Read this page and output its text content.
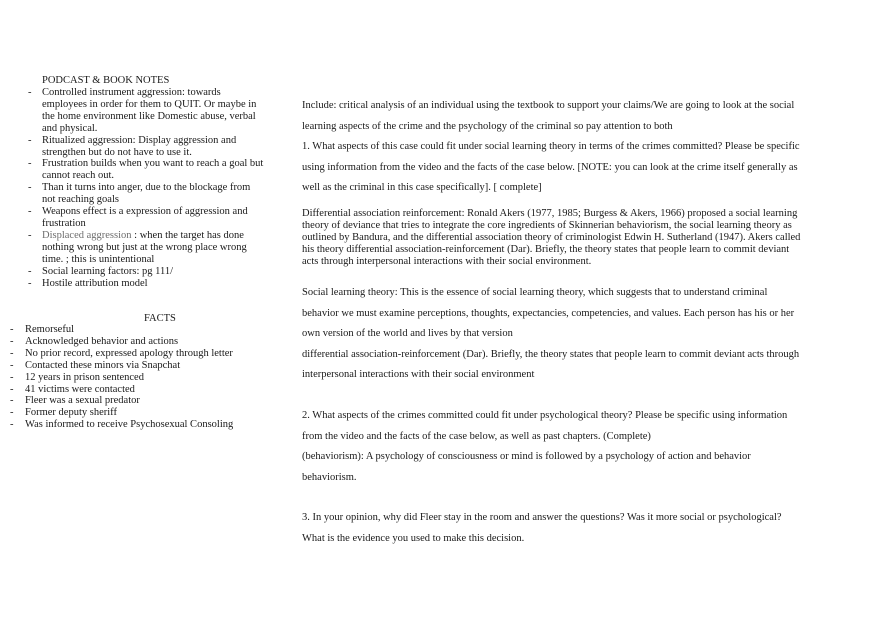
PODCAST & BOOK NOTES

- Controlled instrument aggression: towards employees in order for them to QUIT. Or maybe in the home environment like Domestic abuse, verbal and physical.
- Ritualized aggression: Display aggression and strengthen but do not have to use it.
- Frustration builds when you want to reach a goal but cannot reach out.
- Than it turns into anger, due to the blockage from not reaching goals
- Weapons effect is a expression of aggression and frustration
- Displaced aggression : when the target has done nothing wrong but just at the wrong place wrong time. ; this is unintentional
- Social learning factors: pg 111/
- Hostile attribution model

FACTS

- Remorseful
- Acknowledged behavior and actions
- No prior record, expressed apology through letter
- Contacted these minors via Snapchat
- 12 years in prison sentenced
- 41 victims were contacted
- Fleer was a sexual predator
- Former deputy sheriff
- Was informed to receive Psychosexual Consoling

Include: critical analysis of an individual using the textbook to support your claims/We are going to look at the social learning aspects of the crime and the psychology of the criminal so pay attention to both

1. What aspects of this case could fit under social learning theory in terms of the crimes committed? Please be specific using information from the video and the facts of the case below. [NOTE: you can look at the crime itself generally as well as the criminal in this case specifically]. [ complete]

Differential association reinforcement: Ronald Akers (1977, 1985; Burgess & Akers, 1966) proposed a social learning theory of deviance that tries to integrate the core ingredients of Skinnerian behaviorism, the social learning theory as outlined by Bandura, and the differential association theory of criminologist Edwin H. Sutherland (1947). Akers called his theory differential association-reinforcement (Dar). Briefly, the theory states that people learn to commit deviant acts through interpersonal interactions with their social environment.

Social learning theory: This is the essence of social learning theory, which suggests that to understand criminal behavior we must examine perceptions, thoughts, expectancies, competencies, and values. Each person has his or her own version of the world and lives by that version

differential association-reinforcement (Dar). Briefly, the theory states that people learn to commit deviant acts through interpersonal interactions with their social environment

2. What aspects of the crimes committed could fit under psychological theory? Please be specific using information from the video and the facts of the case below, as well as past chapters. (Complete)

(behaviorism): A psychology of consciousness or mind is followed by a psychology of action and behavior behaviorism.

3. In your opinion, why did Fleer stay in the room and answer the questions? Was it more social or psychological? What is the evidence you used to make this decision.
